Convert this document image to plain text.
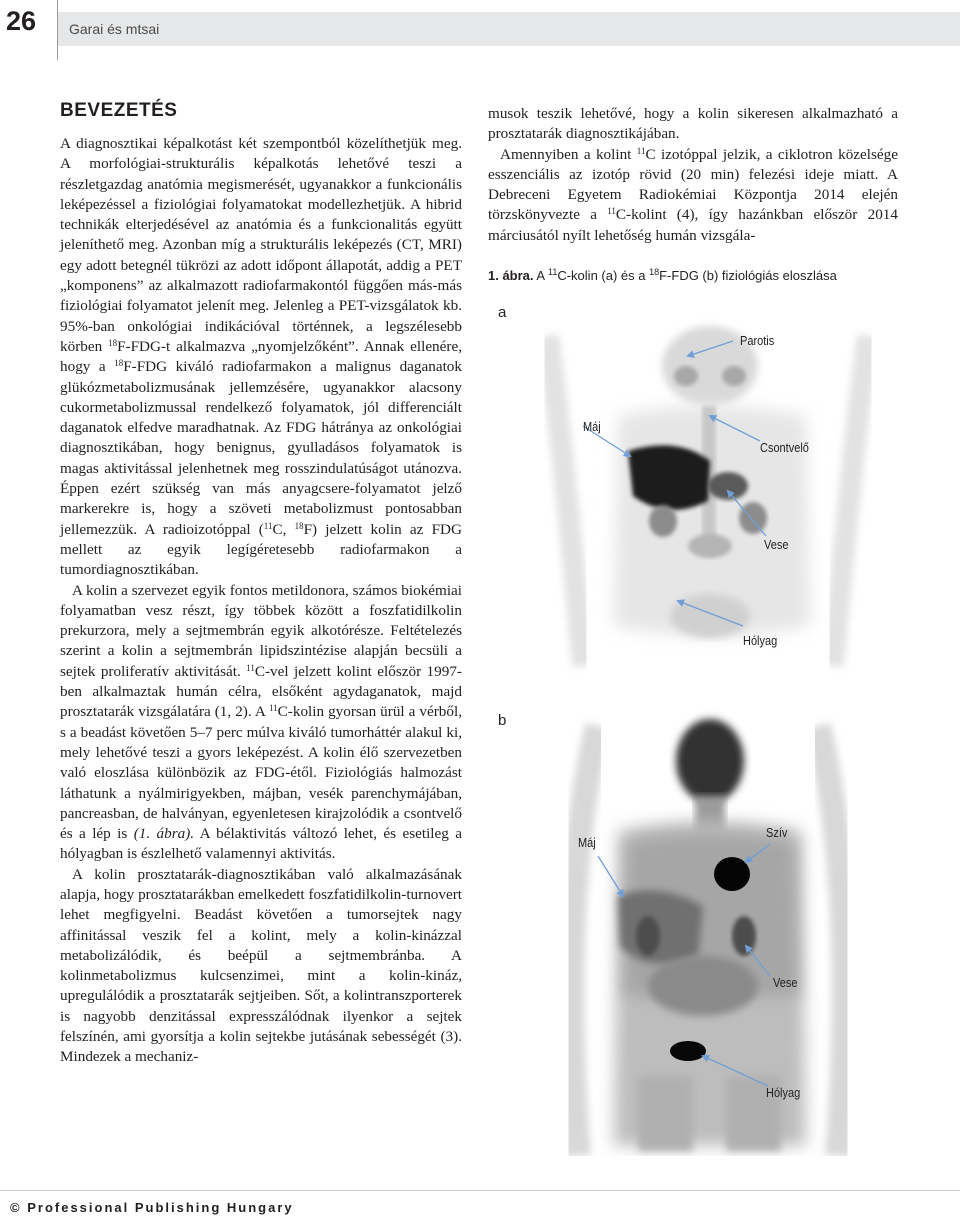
26 Garai és mtsai
BEVEZETÉS

A diagnosztikai képalkotást két szempontból közelíthetjük meg. A morfológiai-strukturális képalkotás lehetővé teszi a részletgazdag anatómia megismerését, ugyanakkor a funkcionális leképezéssel a fiziológiai folyamatokat modellezhetjük. A hibrid technikák elterjedésével az anatómia és a funkcionalitás együtt jeleníthető meg. Azonban míg a strukturális leképezés (CT, MRI) egy adott betegnél tükrözi az adott időpont állapotát, addig a PET „komponens” az alkalmazott radiofarmakontól függően más-más fiziológiai folyamatot jelenít meg. Jelenleg a PET-vizsgálatok kb. 95%-ban onkológiai indikációval történnek, a legszélesebb körben $^{18}$F-FDG-t alkalmazva „nyomjelzőként”. Annak ellenére, hogy a $^{18}$F-FDG kiváló radiofarmakon a malignus daganatok glükózmetabolizmusának jellemzésére, ugyanakkor alacsony cukormetabolizmussal rendelkező folyamatok, jól differenciált daganatok elfedve maradhatnak. Az FDG hátránya az onkológiai diagnosztikában, hogy benignus, gyulladásos folyamatok is magas aktivitással jelenhetnek meg rosszindulatúságot utánozva. Éppen ezért szükség van más anyagcsere-folyamatot jelző markerekre is, hogy a szöveti metabolizmust pontosabban jellemezzük. A radioizotóppal ($^{11}$C, $^{18}$F) jelzett kolin az FDG mellett az egyik legígéretesebb radiofarmakon a tumordiagnosztikában.

A kolin a szervezet egyik fontos metildonora, számos biokémiai folyamatban vesz részt, így többek között a foszfatidilkolin prekurzora, mely a sejtmembrán egyik alkotórésze. Feltételezés szerint a kolin a sejtmembrán lipidszintézise alapján becsüli a sejtek proliferatív aktivitását. $^{11}$C-vel jelzett kolint először 1997-ben alkalmaztak humán célra, elsőként agydaganatok, majd prosztatarák vizsgálatára (1, 2). A $^{11}$C-kolin gyorsan ürül a vérből, s a beadást követően 5–7 perc múlva kiváló tumorháttér alakul ki, mely lehetővé teszi a gyors leképezést. A kolin élő szervezetben való eloszlása különbözik az FDG-étől. Fiziológiás halmozást láthatunk a nyálmirigyekben, májban, vesék parenchymájában, pancreasban, de halványan, egyenletesen kirajzolódik a csontvelő és a lép is (1. ábra). A bélaktivitás változó lehet, és esetileg a hólyagban is észlelhető valamennyi aktivitás.

A kolin prosztatarák-diagnosztikában való alkalmazásának alapja, hogy prosztatarákban emelkedett foszfatidilkolin-turnovert lehet megfigyelni. Beadást követően a tumorsejtek nagy affinitással veszik fel a kolint, mely a kolin-kinázzal metabolizálódik, és beépül a sejtmembránba. A kolinmetabolizmus kulcsenzimei, mint a kolin-kináz, upregulálódik a prosztatarák sejtjeiben. Sőt, a kolintranszporterek is nagyobb denzitással expresszálódnak ilyenkor a sejtek felszínén, ami gyorsítja a kolin sejtekbe jutásának sebességét (3). Mindezek a mechaniz-

musok teszik lehetővé, hogy a kolin sikeresen alkalmazható a prosztatarák diagnosztikájában.

Amennyiben a kolint $^{11}$C izotóppal jelzik, a ciklotron közelsége esszenciális az izotóp rövid (20 min) felezési ideje miatt. A Debreceni Egyetem Radiokémiai Központja 2014 elején törzskönyvezte a $^{11}$C-kolint (4), így hazánkban először 2014 márciusától nyílt lehetőség humán vizsgála-

1. ábra. A $^{11}$C-kolin (a) és a $^{18}$F-FDG (b) fiziológiás eloszlása
a
Parotis
Máj
Csontvelő
Vese
Hólyag
b
Máj
Szív
Vese
Hólyag
© Professional Publishing Hungary
